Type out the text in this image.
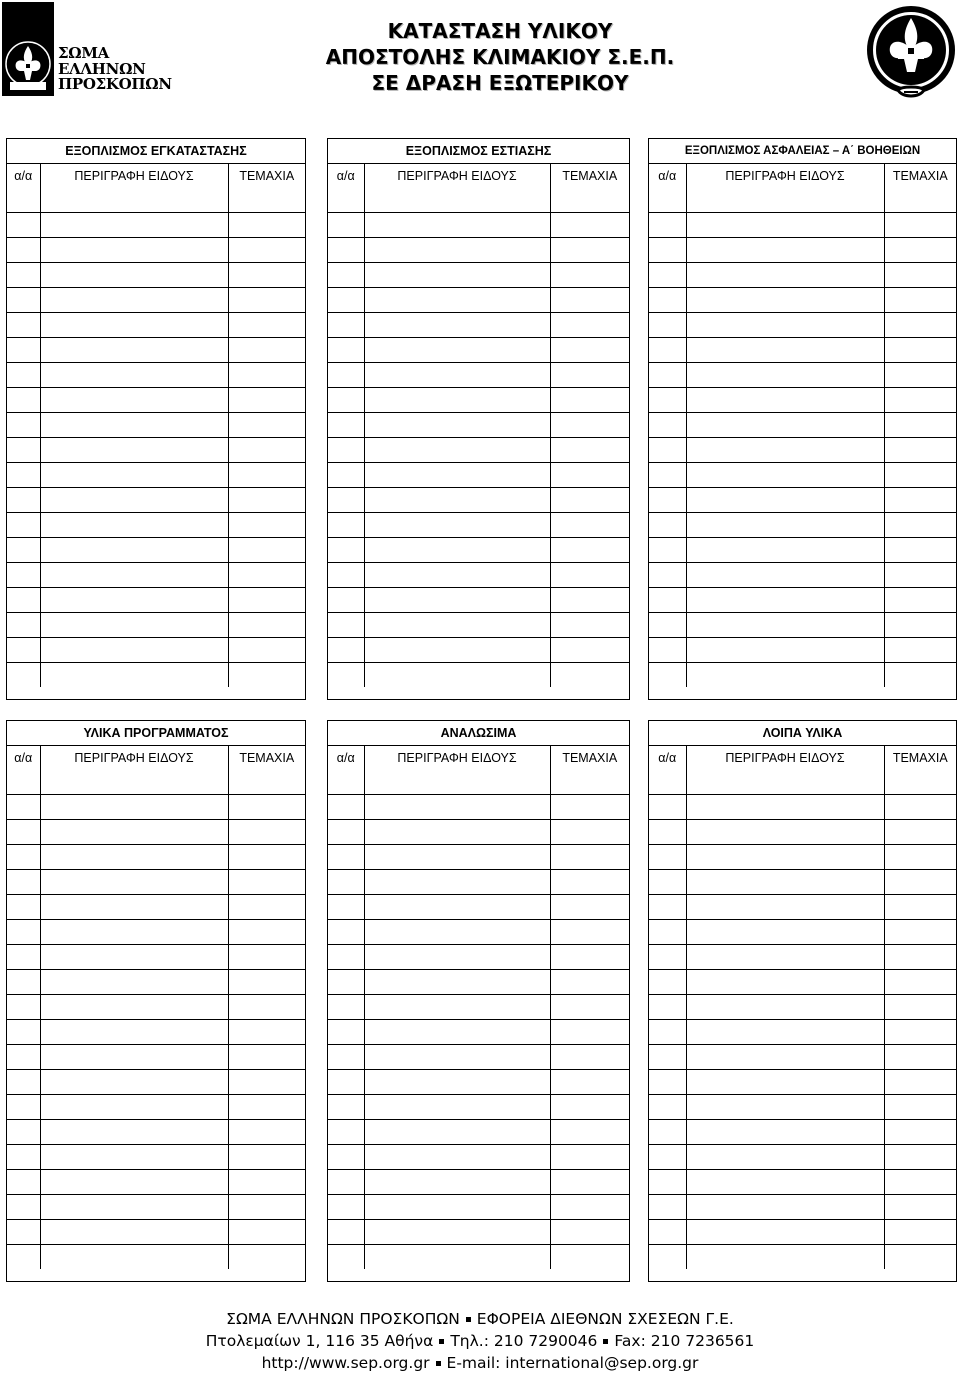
ΣΩΜΑ
ΕΛΛΗΝΩΝ
ΠΡΟΣΚΟΠΩΝ
ΚΑΤΑΣΤΑΣΗ ΥΛΙΚΟΥ
ΑΠΟΣΤΟΛΗΣ ΚΛΙΜΑΚΙΟΥ Σ.Ε.Π.
ΣΕ ΔΡΑΣΗ ΕΞΩΤΕΡΙΚΟΥ
ΕΞΟΠΛΙΣΜΟΣ ΕΓΚΑΤΑΣΤΑΣΗΣ		
α/α	ΠΕΡΙΓΡΑΦΗ ΕΙΔΟΥΣ	ΤΕΜΑΧΙΑ

ΕΞΟΠΛΙΣΜΟΣ ΕΣΤΙΑΣΗΣ		
α/α	ΠΕΡΙΓΡΑΦΗ ΕΙΔΟΥΣ	ΤΕΜΑΧΙΑ

ΕΞΟΠΛΙΣΜΟΣ ΑΣΦΑΛΕΙΑΣ – Α΄ ΒΟΗΘΕΙΩΝ		
α/α	ΠΕΡΙΓΡΑΦΗ ΕΙΔΟΥΣ	ΤΕΜΑΧΙΑ

ΥΛΙΚΑ ΠΡΟΓΡΑΜΜΑΤΟΣ		
α/α	ΠΕΡΙΓΡΑΦΗ ΕΙΔΟΥΣ	ΤΕΜΑΧΙΑ

ΑΝΑΛΩΣΙΜΑ		
α/α	ΠΕΡΙΓΡΑΦΗ ΕΙΔΟΥΣ	ΤΕΜΑΧΙΑ

ΛΟΙΠΑ ΥΛΙΚΑ		
α/α	ΠΕΡΙΓΡΑΦΗ ΕΙΔΟΥΣ	ΤΕΜΑΧΙΑ

ΣΩΜΑ ΕΛΛΗΝΩΝ ΠΡΟΣΚΟΠΩΝ ΕΦΟΡΕΙΑ ΔΙΕΘΝΩΝ ΣΧΕΣΕΩΝ Γ.Ε.
Πτολεμαίων 1, 116 35 Αθήνα Τηλ.: 210 7290046 Fax: 210 7236561
http://www.sep.org.gr E-mail: international@sep.org.gr
